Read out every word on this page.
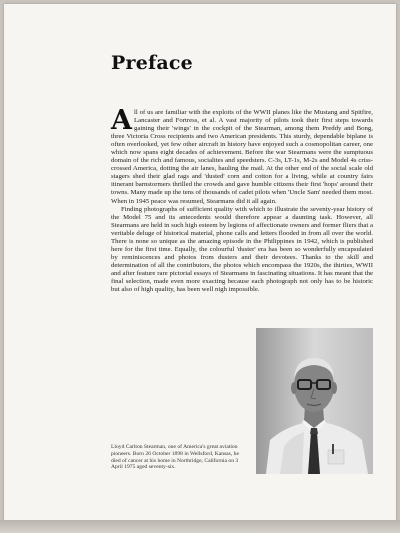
Preface

All of us are familiar with the exploits of the WWII planes like the Mustang and Spitfire, Lancaster and Fortress, et al. A vast majority of pilots took their first steps towards gaining their 'wings' in the cockpit of the Stearman, among them Preddy and Bong, three Victoria Cross recipients and two American presidents. This sturdy, dependable biplane is often overlooked, yet few other aircraft in history have enjoyed such a cosmopolitan career, one which now spans eight decades of achievement. Before the war Stearmans were the sumptuous domain of the rich and famous, socialites and speedsters. C-3s, LT-1s, M-2s and Model 4s criss-crossed America, dotting the air lanes, hauling the mail. At the other end of the social scale old stagers shed their glad rags and 'dusted' corn and cotton for a living, while at country fairs itinerant barnstormers thrilled the crowds and gave humble citizens their first 'hops' around their towns. Many made up the tens of thousands of cadet pilots when 'Uncle Sam' needed them most. When in 1945 peace was resumed, Stearmans did it all again.

Finding photographs of sufficient quality with which to illustrate the seventy-year history of the Model 75 and its antecedents would therefore appear a daunting task. However, all Stearmans are held in such high esteem by legions of affectionate owners and former fliers that a veritable deluge of historical material, phone calls and letters flooded in from all over the world. There is none so unique as the amazing episode in the Philippines in 1942, which is published here for the first time. Equally, the colourful 'duster' era has been so wonderfully encapsulated by reminiscences and photos from dusters and their devotees. Thanks to the skill and determination of all the contributors, the photos which encompass the 1920s, the thirties, WWII and after feature rare pictorial essays of Stearmans in fascinating situations. It has meant that the final selection, made even more exacting because each photograph not only has to be historic but also of high quality, has been well nigh impossible.

Lloyd Carlton Stearman, one of America's great aviation pioneers. Born 26 October 1898 in Wellsford, Kansas, he died of cancer at his home in Northridge, California on 3 April 1975 aged seventy-six.
